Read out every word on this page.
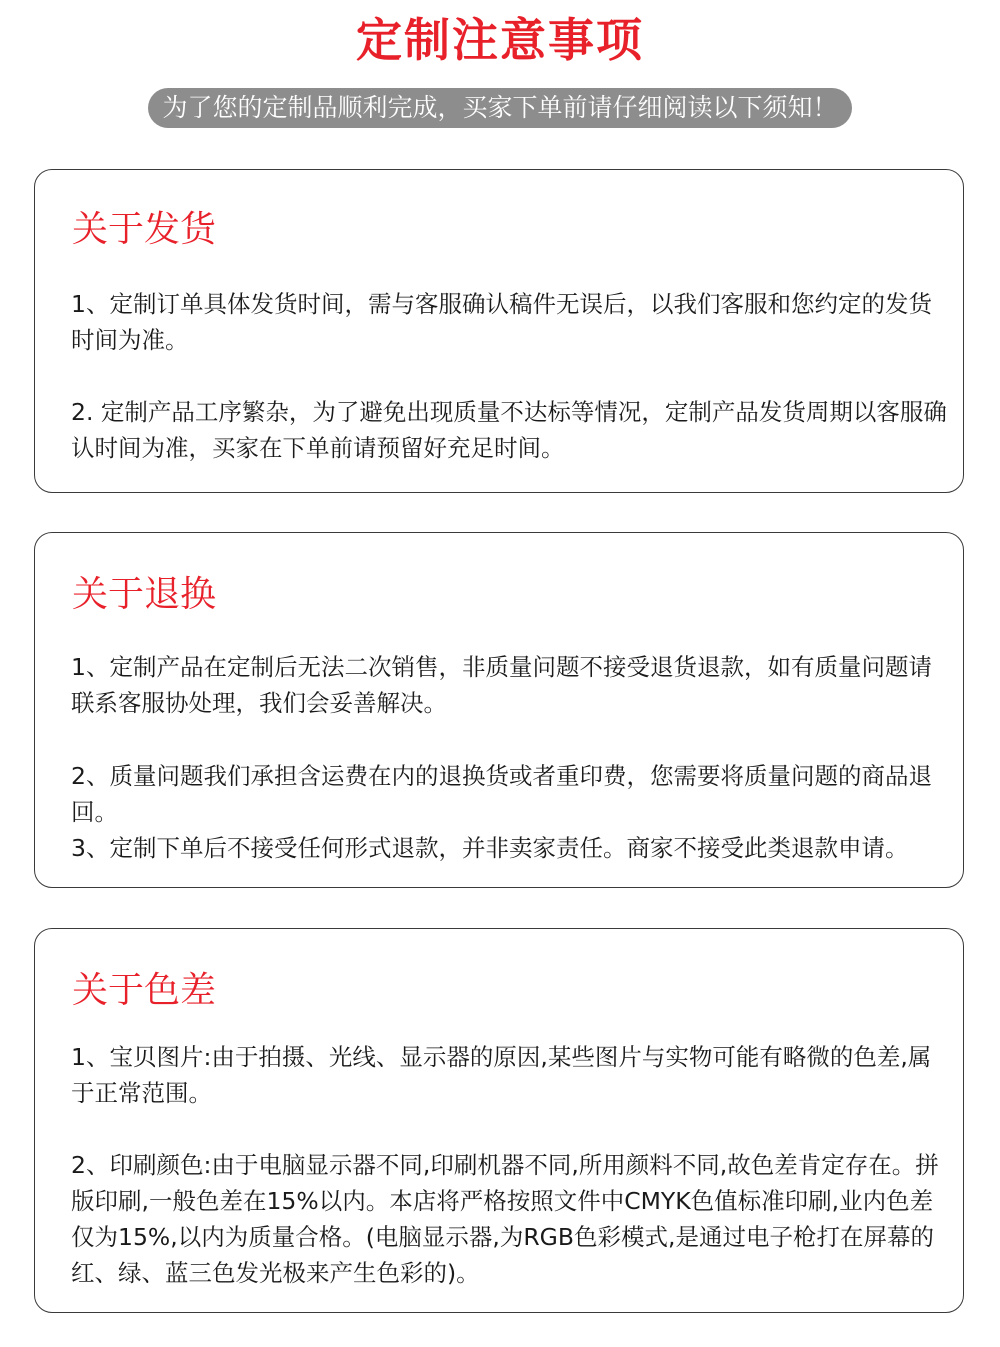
定制注意事项
为了您的定制品顺利完成，买家下单前请仔细阅读以下须知！
关于发货

1、定制订单具体发货时间，需与客服确认稿件无误后，以我们客服和您约定的发货时间为准。

2. 定制产品工序繁杂，为了避免出现质量不达标等情况，定制产品发货周期以客服确认时间为准，买家在下单前请预留好充足时间。

关于退换

1、定制产品在定制后无法二次销售，非质量问题不接受退货退款，如有质量问题请联系客服协处理，我们会妥善解决。

2、质量问题我们承担含运费在内的退换货或者重印费，您需要将质量问题的商品退回。

3、定制下单后不接受任何形式退款，并非卖家责任。商家不接受此类退款申请。

关于色差

1、宝贝图片:由于拍摄、光线、显示器的原因,某些图片与实物可能有略微的色差,属于正常范围。

2、印刷颜色:由于电脑显示器不同,印刷机器不同,所用颜料不同,故色差肯定存在。拼版印刷,一般色差在15%以内。本店将严格按照文件中CMYK色值标准印刷,业内色差仅为15%,以内为质量合格。(电脑显示器,为RGB色彩模式,是通过电子枪打在屏幕的红、绿、蓝三色发光极来产生色彩的)。
